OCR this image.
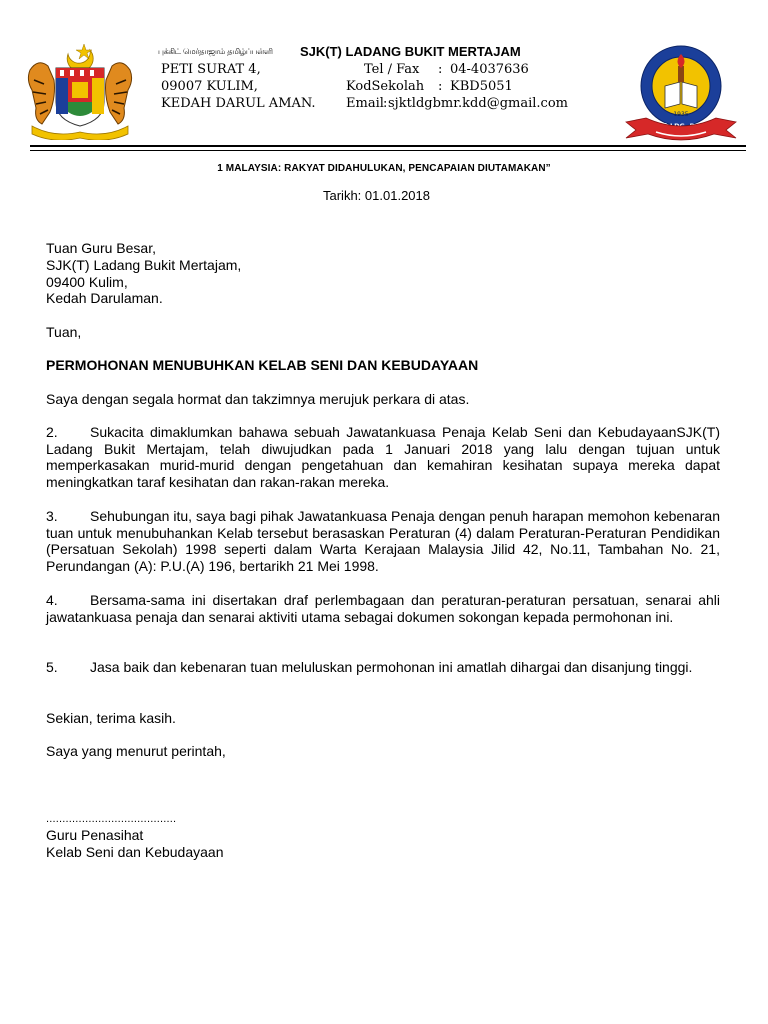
புக்கிட் மெர்தாஜாம் தமிழ்ப்பள்ளி SJK(T) LADANG BUKIT MERTAJAM
PETI SURAT 4,
09007 KULIM,
KEDAH DARUL AMAN.
Tel / Fax : 04-4037636
KodSekolah : KBD5051
Email : sjktldgbmr.kdd@gmail.com
1935
1 MALAYSIA: RAKYAT DIDAHULUKAN, PENCAPAIAN DIUTAMAKAN”
Tarikh: 01.01.2018
Tuan Guru Besar,
SJK(T) Ladang Bukit Mertajam,
09400 Kulim,
Kedah Darulaman.
Tuan,
PERMOHONAN MENUBUHKAN KELAB SENI DAN KEBUDAYAAN
Saya dengan segala hormat dan takzimnya merujuk perkara di atas.
2. Sukacita dimaklumkan bahawa sebuah Jawatankuasa Penaja Kelab Seni dan KebudayaanSJK(T) Ladang Bukit Mertajam, telah diwujudkan pada 1 Januari 2018 yang lalu dengan tujuan untuk memperkasakan murid-murid dengan pengetahuan dan kemahiran kesihatan supaya mereka dapat meningkatkan taraf kesihatan dan rakan-rakan mereka.
3. Sehubungan itu, saya bagi pihak Jawatankuasa Penaja dengan penuh harapan memohon kebenaran tuan untuk menubuhankan Kelab tersebut berasaskan Peraturan (4) dalam Peraturan-Peraturan Pendidikan (Persatuan Sekolah) 1998 seperti dalam Warta Kerajaan Malaysia Jilid 42, No.11, Tambahan No. 21, Perundangan (A): P.U.(A) 196, bertarikh 21 Mei 1998.
4. Bersama-sama ini disertakan draf perlembagaan dan peraturan-peraturan persatuan, senarai ahli jawatankuasa penaja dan senarai aktiviti utama sebagai dokumen sokongan kepada permohonan ini.
5. Jasa baik dan kebenaran tuan meluluskan permohonan ini amatlah dihargai dan disanjung tinggi.
Sekian, terima kasih.
Saya yang menurut perintah,
........................................
Guru Penasihat
Kelab Seni dan Kebudayaan
